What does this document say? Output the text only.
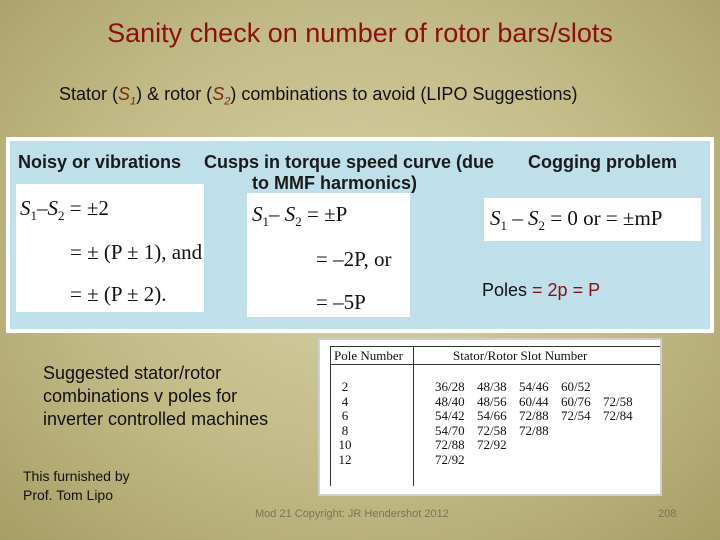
Sanity check on number of rotor bars/slots
Stator $(S_1)$ & rotor $(S_2)$ combinations to avoid (LIPO Suggestions)
Noisy or vibrations Cusps in torque speed curve (due
to MMF harmonics)
Cogging problem
$S_1-S_2 = \pm 2$
= ± (P ± 1), and
= ± (P ± 2).
$S_1-$ $S_2 = \pm P$
= –2P, or
= –5P
$S_1 - S_2 = 0$ or = ±mP
Poles = 2p = P
Pole Number	Stator/Rotor Slot Number
2
4
6
8
10
12
36/28 48/38 54/46 60/52
48/40 48/56 60/44 60/76 72/58
54/42 54/66 72/88 72/54 72/84
54/70 72/58 72/88
72/88 72/92
72/92
Suggested stator/rotor
combinations v poles for
inverter controlled machines
This furnished by
Prof. Tom Lipo
Mod 21 Copyright: JR Hendershot 2012	208
